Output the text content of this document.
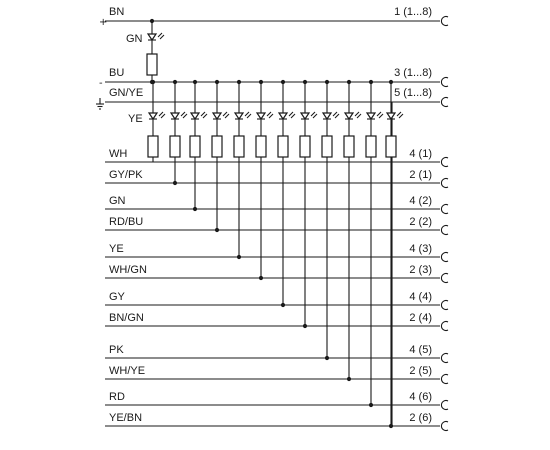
BN	1 (1...8)
BU	3 (1...8)
GN/YE	5 (1...8)
+
-
GN
WH	4 (1)
GY/PK	2 (1)
GN	4 (2)
RD/BU	2 (2)
YE	4 (3)
WH/GN	2 (3)
GY	4 (4)
BN/GN	2 (4)
PK	4 (5)
WH/YE	2 (5)
RD	4 (6)
YE/BN	2 (6)
YE
